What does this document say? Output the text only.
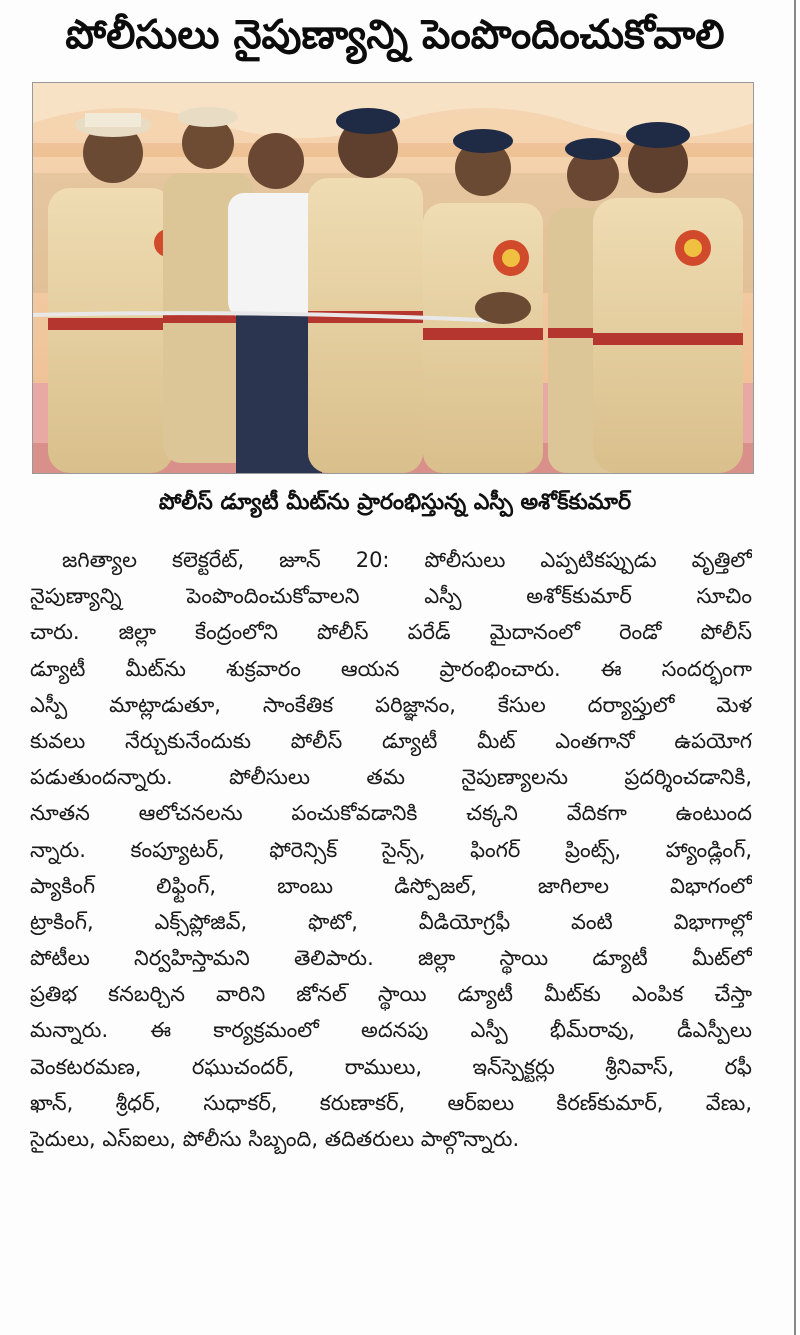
పోలీసులు నైపుణ్యాన్ని పెంపొందించుకోవాలి
పోలీస్ డ్యూటీ మీట్‌ను ప్రారంభిస్తున్న ఎస్పీ అశోక్‌కుమార్
జగిత్యాల కలెక్టరేట్, జూన్ 20: పోలీసులు ఎప్పటికప్పుడు వృత్తిలో
నైపుణ్యాన్ని పెంపొందించుకోవాలని ఎస్పీ అశోక్‌కుమార్ సూచిం
చారు. జిల్లా కేంద్రంలోని పోలీస్ పరేడ్ మైదానంలో రెండో పోలీస్
డ్యూటీ మీట్‌ను శుక్రవారం ఆయన ప్రారంభించారు. ఈ సందర్భంగా
ఎస్పీ మాట్లాడుతూ, సాంకేతిక పరిజ్ఞానం, కేసుల దర్యాప్తులో మెళ
కువలు నేర్చుకునేందుకు పోలీస్ డ్యూటీ మీట్ ఎంతగానో ఉపయోగ
పడుతుందన్నారు. పోలీసులు తమ నైపుణ్యాలను ప్రదర్శించడానికి,
నూతన ఆలోచనలను పంచుకోవడానికి చక్కని వేదికగా ఉంటుంద
న్నారు. కంప్యూటర్, ఫోరెన్సిక్ సైన్స్, ఫింగర్ ప్రింట్స్, హ్యాండ్లింగ్,
ప్యాకింగ్ లిఫ్టింగ్, బాంబు డిస్పోజల్, జాగిలాల విభాగంలో
ట్రాకింగ్, ఎక్స్‌ప్లోజివ్, ఫొటో, వీడియోగ్రఫీ వంటి విభాగాల్లో
పోటీలు నిర్వహిస్తామని తెలిపారు. జిల్లా స్థాయి డ్యూటీ మీట్‌లో
ప్రతిభ కనబర్చిన వారిని జోనల్ స్థాయి డ్యూటీ మీట్‌కు ఎంపిక చేస్తా
మన్నారు. ఈ కార్యక్రమంలో అదనపు ఎస్పీ భీమ్‌రావు, డీఎస్పీలు
వెంకటరమణ, రఘుచందర్, రాములు, ఇన్‌స్పెక్టర్లు శ్రీనివాస్, రఫీ
ఖాన్, శ్రీధర్, సుధాకర్, కరుణాకర్, ఆర్‌ఐలు కిరణ్‌కుమార్, వేణు,
సైదులు, ఎస్‌ఐలు, పోలీసు సిబ్బంది, తదితరులు పాల్గొన్నారు.
